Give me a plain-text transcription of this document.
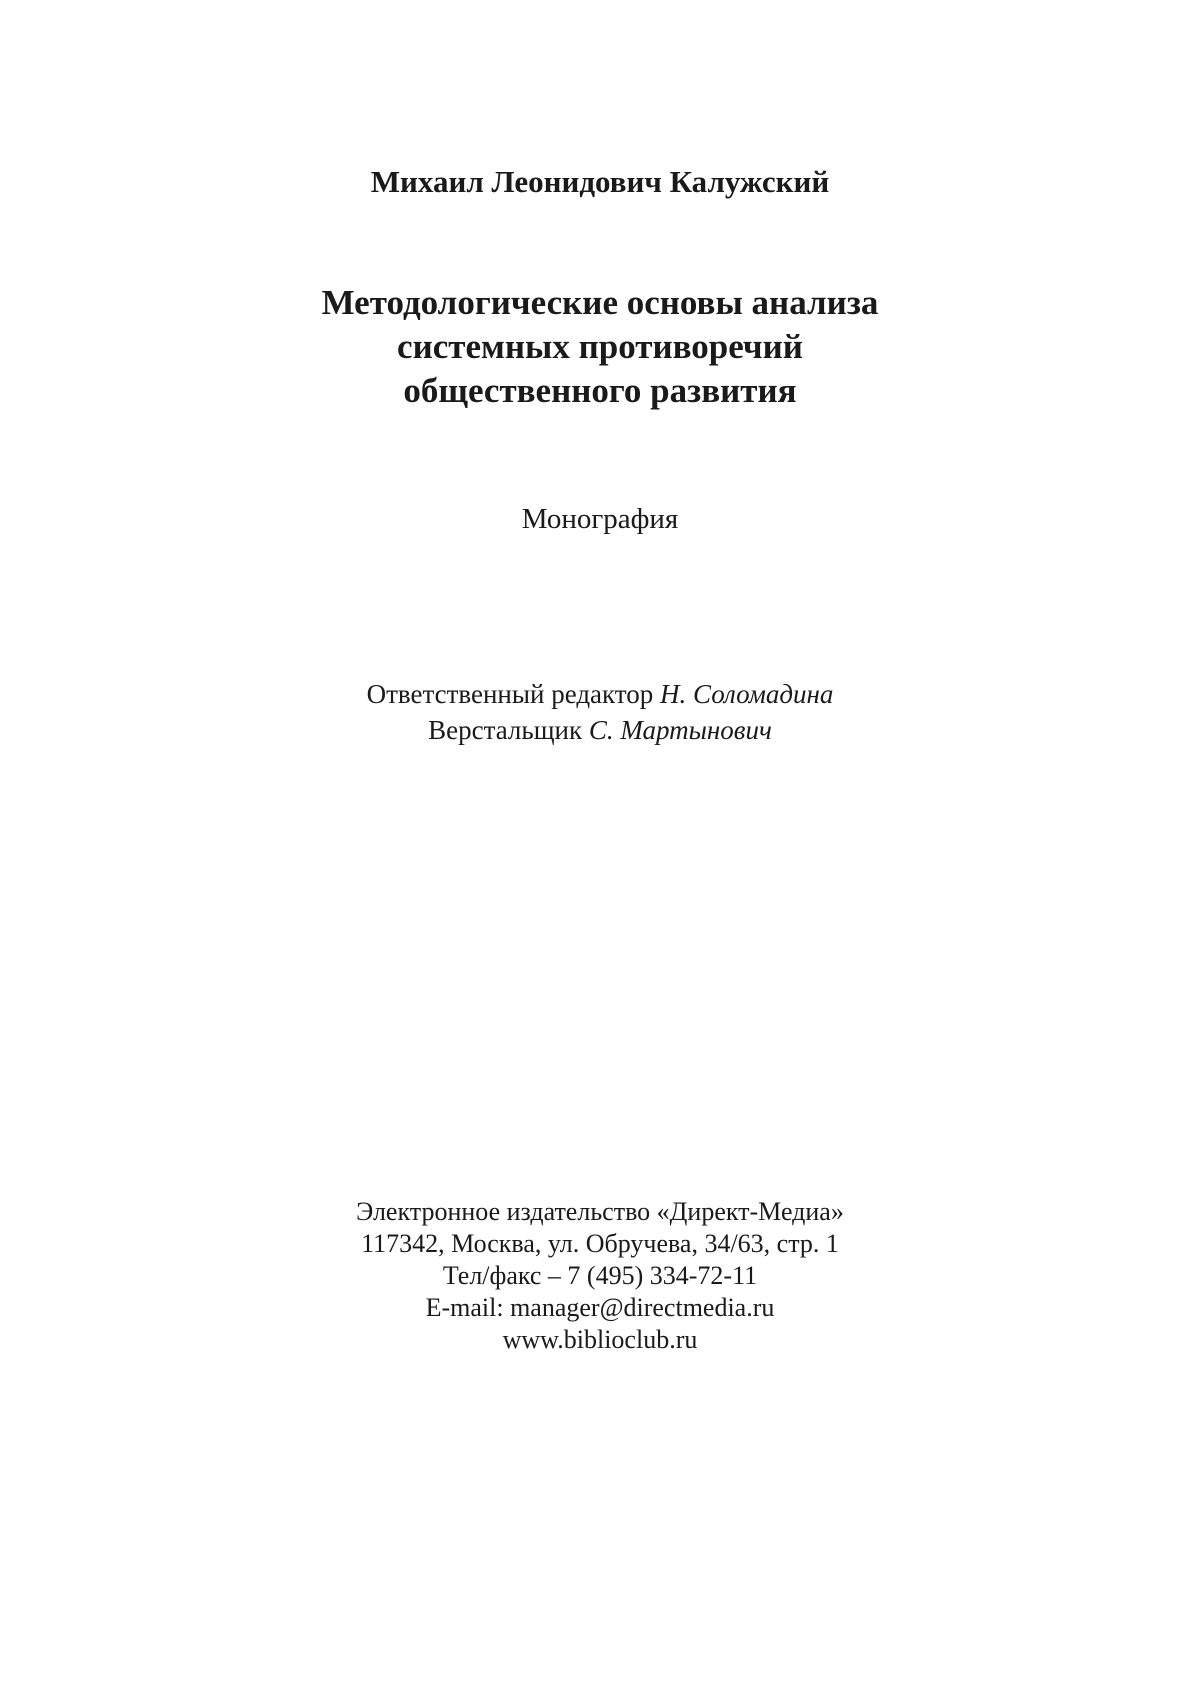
Михаил Леонидович Калужский
Методологические основы анализа
системных противоречий
общественного развития
Монография
Ответственный редактор Н. Соломадина
Верстальщик С. Мартынович
Электронное издательство «Директ-Медиа»
117342, Москва, ул. Обручева, 34/63, стр. 1
Тел/факс – 7 (495) 334-72-11
E-mail: manager@directmedia.ru
www.biblioclub.ru
